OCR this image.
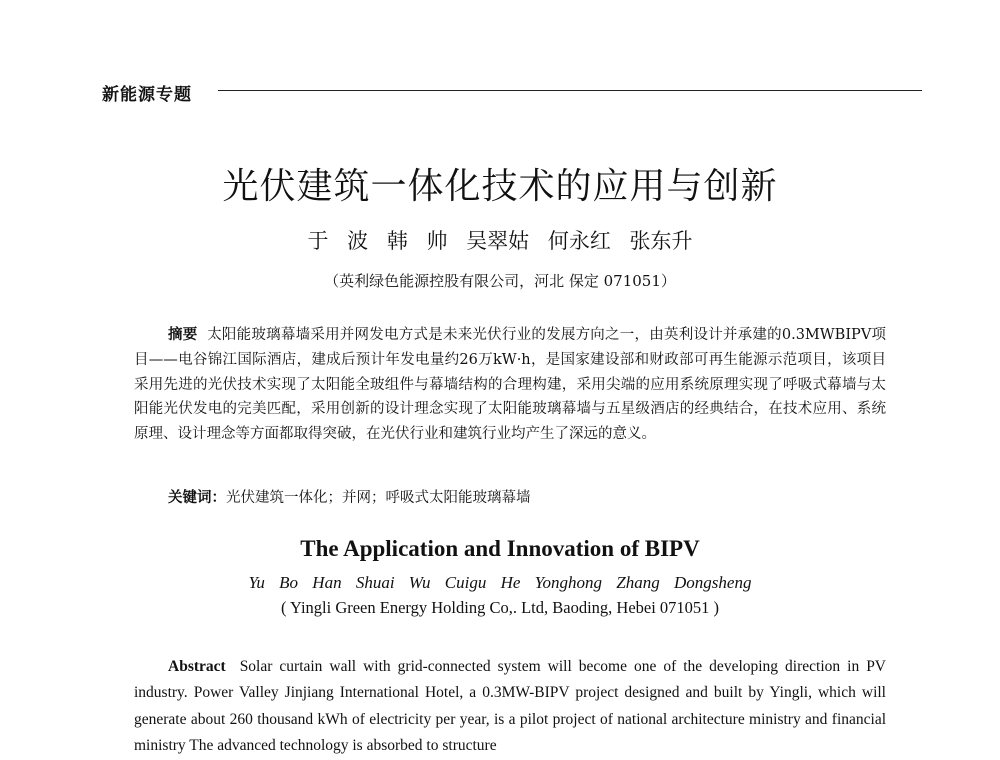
新能源专题
光伏建筑一体化技术的应用与创新
于 波 韩 帅 吴翠姑 何永红 张东升
（英利绿色能源控股有限公司，河北 保定 071051）

摘要 太阳能玻璃幕墙采用并网发电方式是未来光伏行业的发展方向之一，由英利设计并承建的0.3MWBIPV项目——电谷锦江国际酒店，建成后预计年发电量约26万kW·h，是国家建设部和财政部可再生能源示范项目，该项目采用先进的光伏技术实现了太阳能全玻组件与幕墙结构的合理构建，采用尖端的应用系统原理实现了呼吸式幕墙与太阳能光伏发电的完美匹配，采用创新的设计理念实现了太阳能玻璃幕墙与五星级酒店的经典结合，在技术应用、系统原理、设计理念等方面都取得突破，在光伏行业和建筑行业均产生了深远的意义。

关键词：光伏建筑一体化；并网；呼吸式太阳能玻璃幕墙
The Application and Innovation of BIPV
Yu Bo Han Shuai Wu Cuigu He Yonghong Zhang Dongsheng
( Yingli Green Energy Holding Co,. Ltd, Baoding, Hebei 071051 )

Abstract Solar curtain wall with grid-connected system will become one of the developing direction in PV industry. Power Valley Jinjiang International Hotel, a 0.3MW-BIPV project designed and built by Yingli, which will generate about 260 thousand kWh of electricity per year, is a pilot project of national architecture ministry and financial ministry The advanced technology is absorbed to structure
